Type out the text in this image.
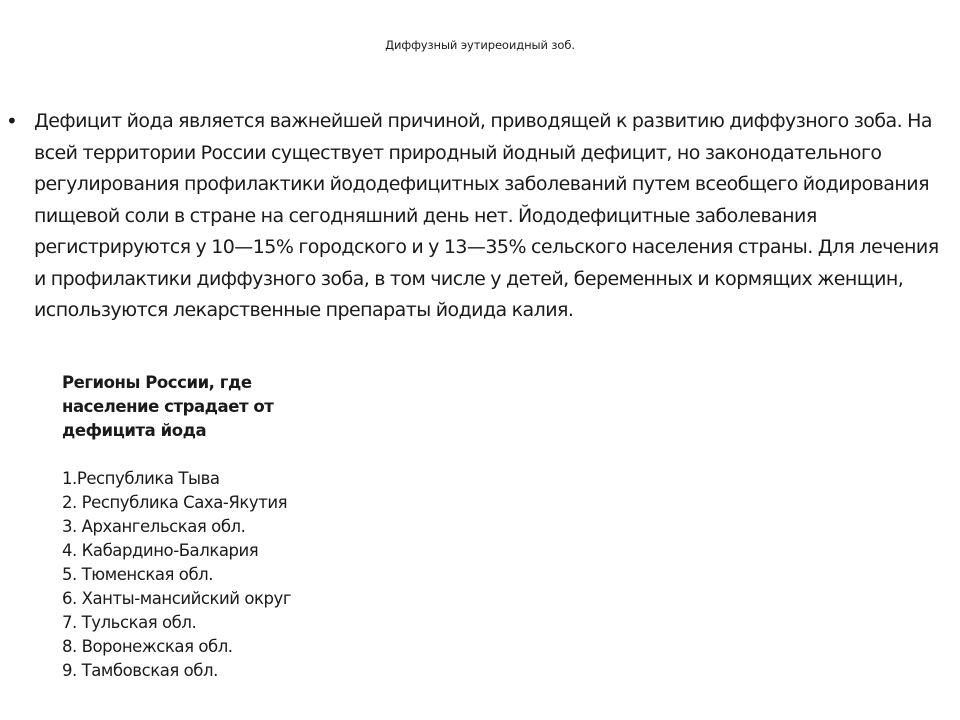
Диффузный эутиреоидный зоб.
• Дефицит йода является важнейшей причиной, приводящей к развитию диффузного зоба. На всей территории России существует природный йодный дефицит, но законодательного регулирования профилактики йододефицитных заболеваний путем всеобщего йодирования пищевой соли в стране на сегодняшний день нет. Йододефицитные заболевания регистрируются у 10—15% городского и у 13—35% сельского населения страны. Для лечения и профилактики диффузного зоба, в том числе у детей, беременных и кормящих женщин, используются лекарственные препараты йодида калия.

Регионы России, где население страдает от дефицита йода

1.Республика Тыва
2. Республика Саха-Якутия
3. Архангельская обл.
4. Кабардино-Балкария
5. Тюменская обл.
6. Ханты-мансийский округ
7. Тульская обл.
8. Воронежская обл.
9. Тамбовская обл.
